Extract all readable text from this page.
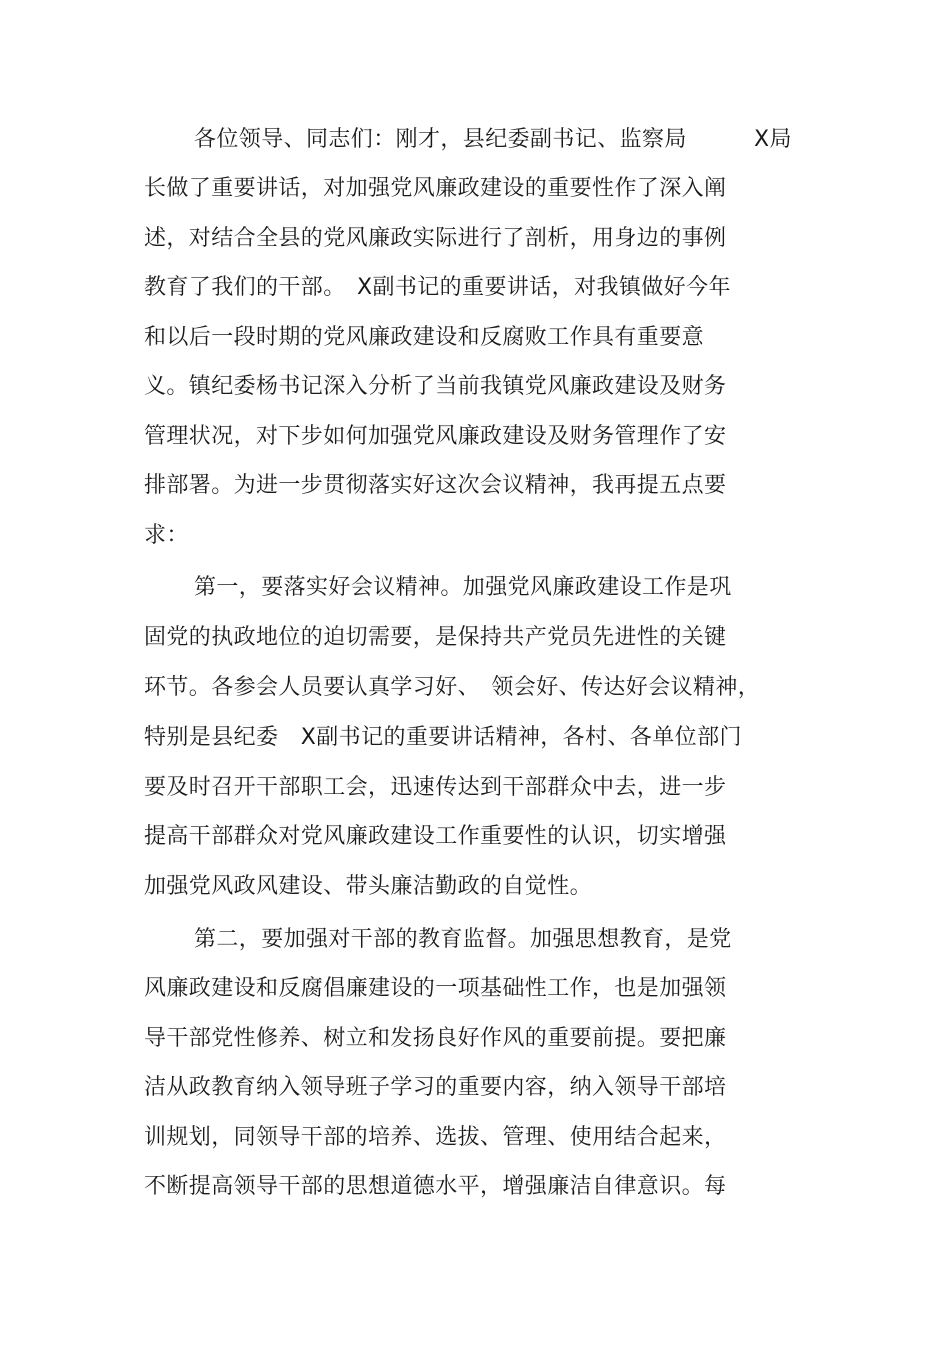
各位领导、同志们：刚才，县纪委副书记、监察局　　　X局
长做了重要讲话，对加强党风廉政建设的重要性作了深入阐
述，对结合全县的党风廉政实际进行了剖析，用身边的事例
教育了我们的干部。　X副书记的重要讲话，对我镇做好今年
和以后一段时期的党风廉政建设和反腐败工作具有重要意
义。镇纪委杨书记深入分析了当前我镇党风廉政建设及财务
管理状况，对下步如何加强党风廉政建设及财务管理作了安
排部署。为进一步贯彻落实好这次会议精神，我再提五点要
求：
第一，要落实好会议精神。加强党风廉政建设工作是巩
固党的执政地位的迫切需要，是保持共产党员先进性的关键
环节。各参会人员要认真学习好、　领会好、传达好会议精神，
特别是县纪委　X副书记的重要讲话精神，各村、各单位部门
要及时召开干部职工会，迅速传达到干部群众中去，进一步
提高干部群众对党风廉政建设工作重要性的认识，切实增强
加强党风政风建设、带头廉洁勤政的自觉性。
第二，要加强对干部的教育监督。加强思想教育，是党
风廉政建设和反腐倡廉建设的一项基础性工作，也是加强领
导干部党性修养、树立和发扬良好作风的重要前提。要把廉
洁从政教育纳入领导班子学习的重要内容，纳入领导干部培
训规划，同领导干部的培养、选拔、管理、使用结合起来，
不断提高领导干部的思想道德水平，增强廉洁自律意识。每
